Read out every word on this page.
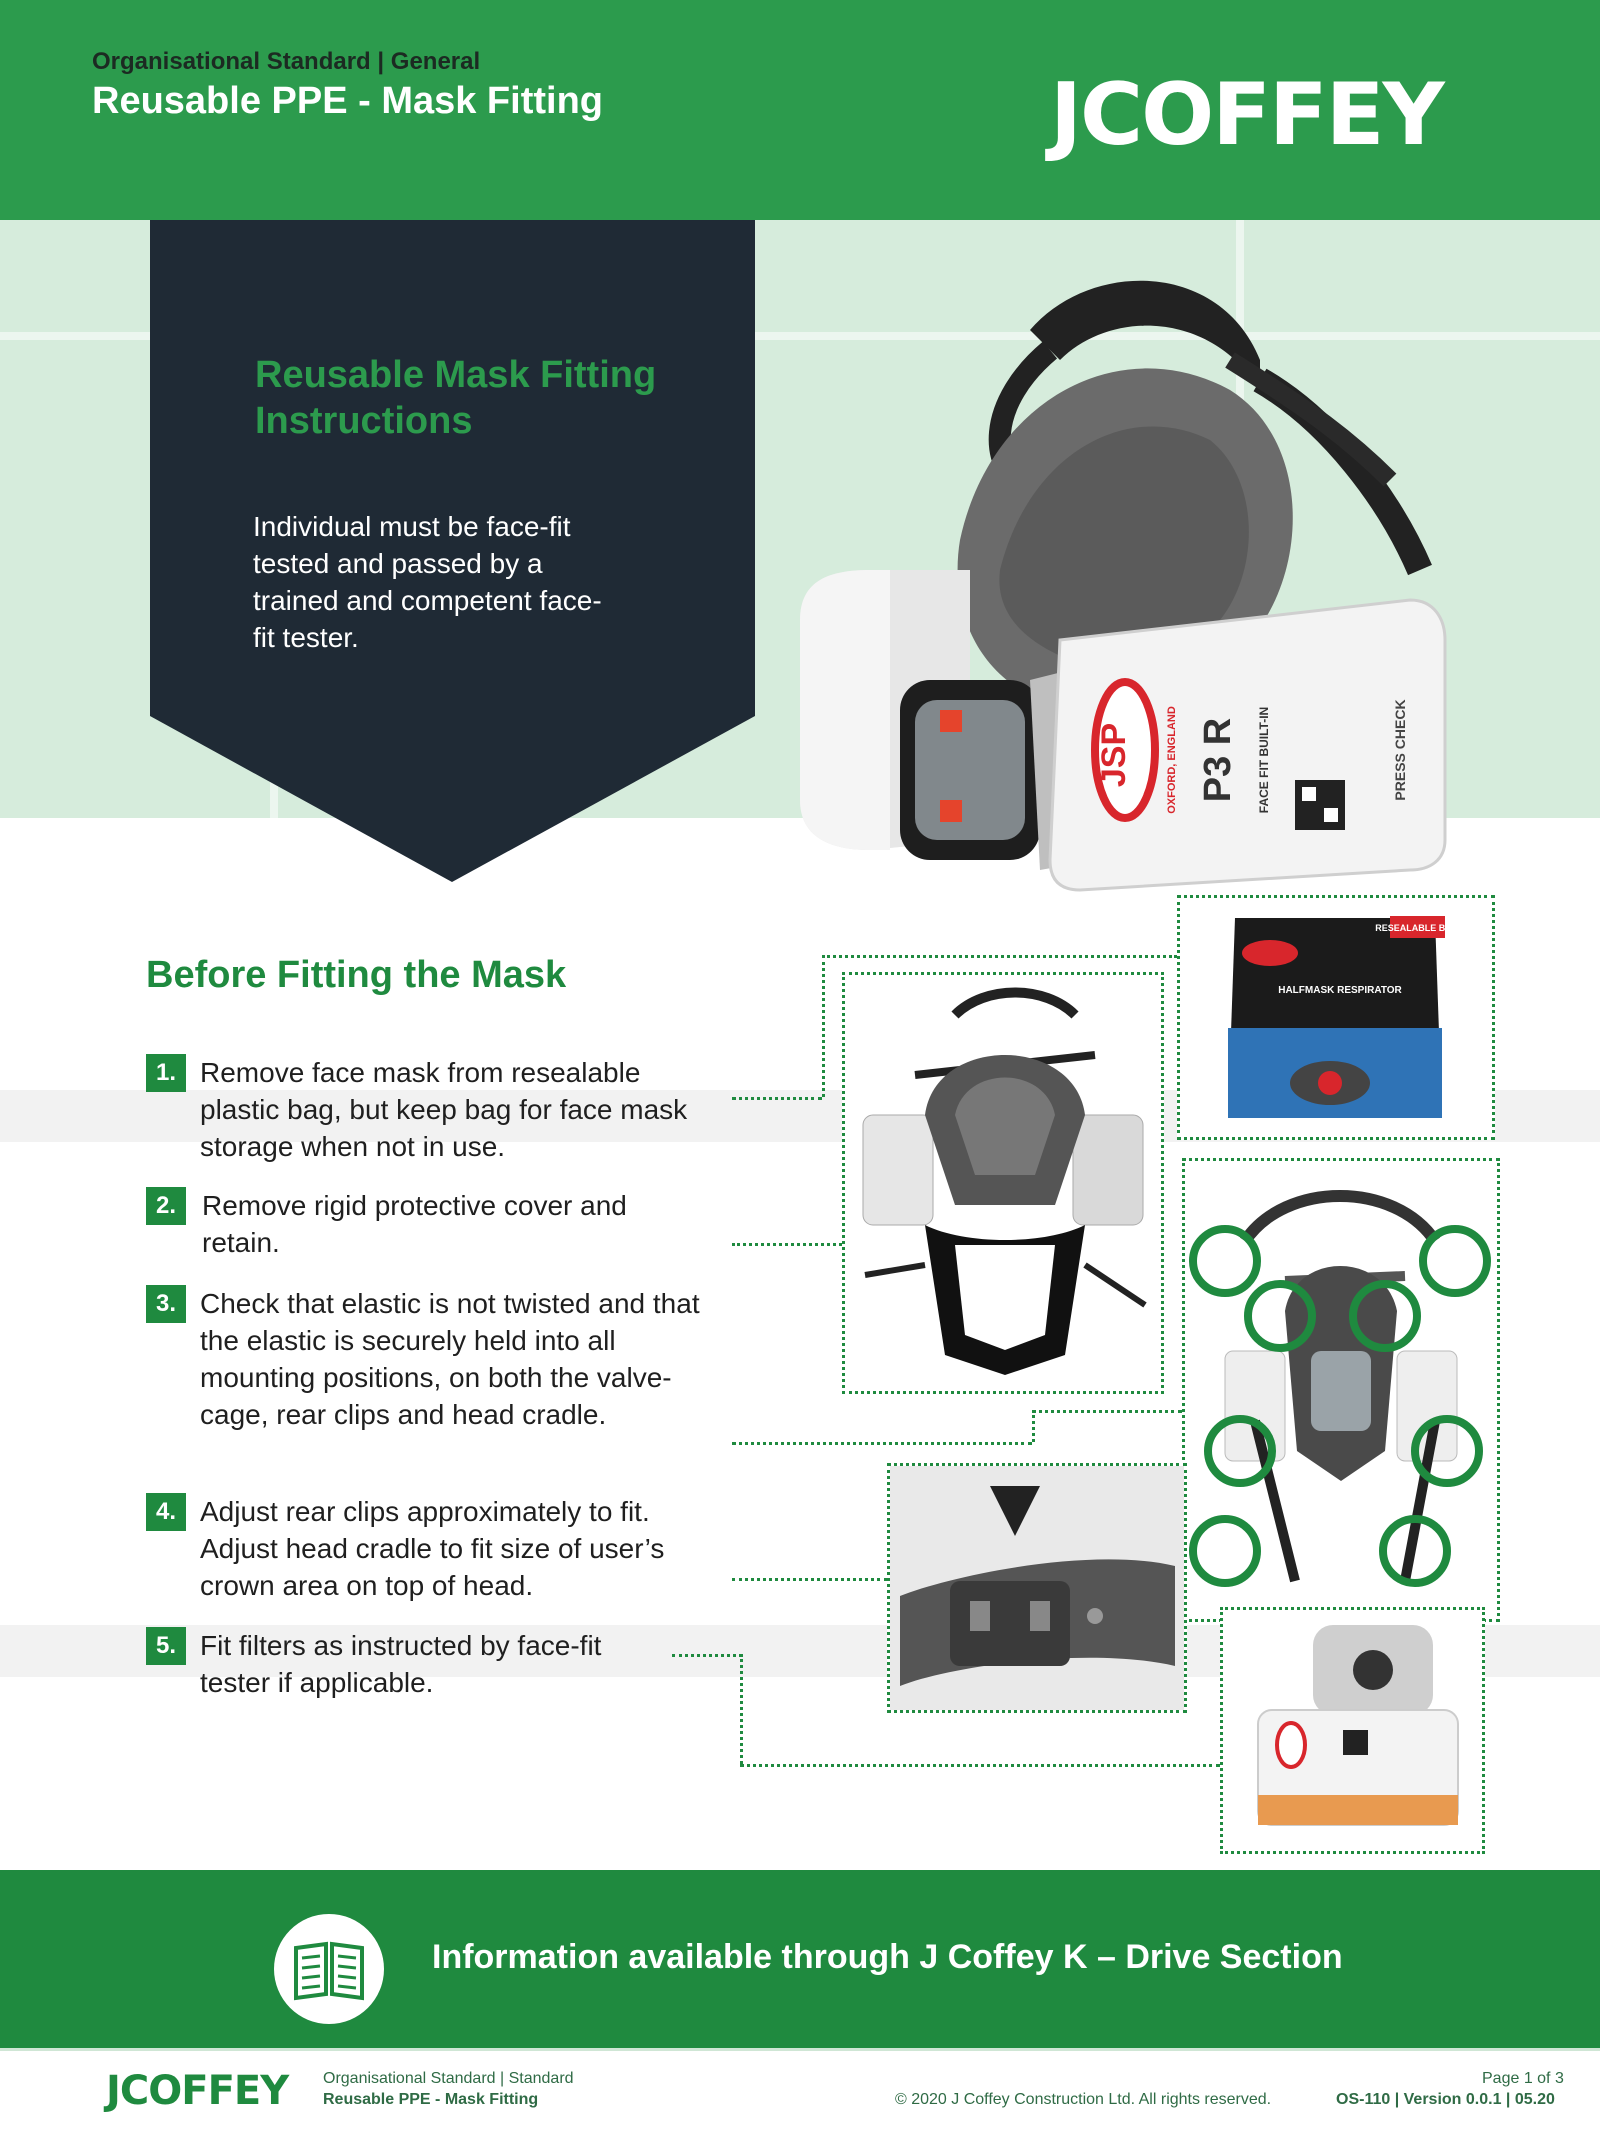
Organisational Standard | General
Reusable PPE - Mask Fitting	JCOFFEY
Reusable Mask Fitting Instructions
Individual must be face-fit tested and passed by a trained and competent face-fit tester.
JSP	OXFORD, ENGLAND P3 R FACE FIT BUILT-IN	PRESS CHECK
Before Fitting the Mask
1. Remove face mask from resealable plastic bag, but keep bag for face mask storage when not in use.
2. Remove rigid protective cover and retain.
3. Check that elastic is not twisted and that the elastic is securely held into all mounting positions, on both the valve-cage, rear clips and head cradle.
4. Adjust rear clips approximately to fit. Adjust head cradle to fit size of user’s crown area on top of head.
5. Fit filters as instructed by face-fit tester if applicable.
RESEALABLE BAG
HALFMASK RESPIRATOR
Information available through J Coffey K – Drive Section
JCOFFEY Organisational Standard | Standard
Reusable PPE - Mask Fitting	© 2020 J Coffey Construction Ltd. All rights reserved.
Page 1 of 3
OS-110 | Version 0.0.1 | 05.20
